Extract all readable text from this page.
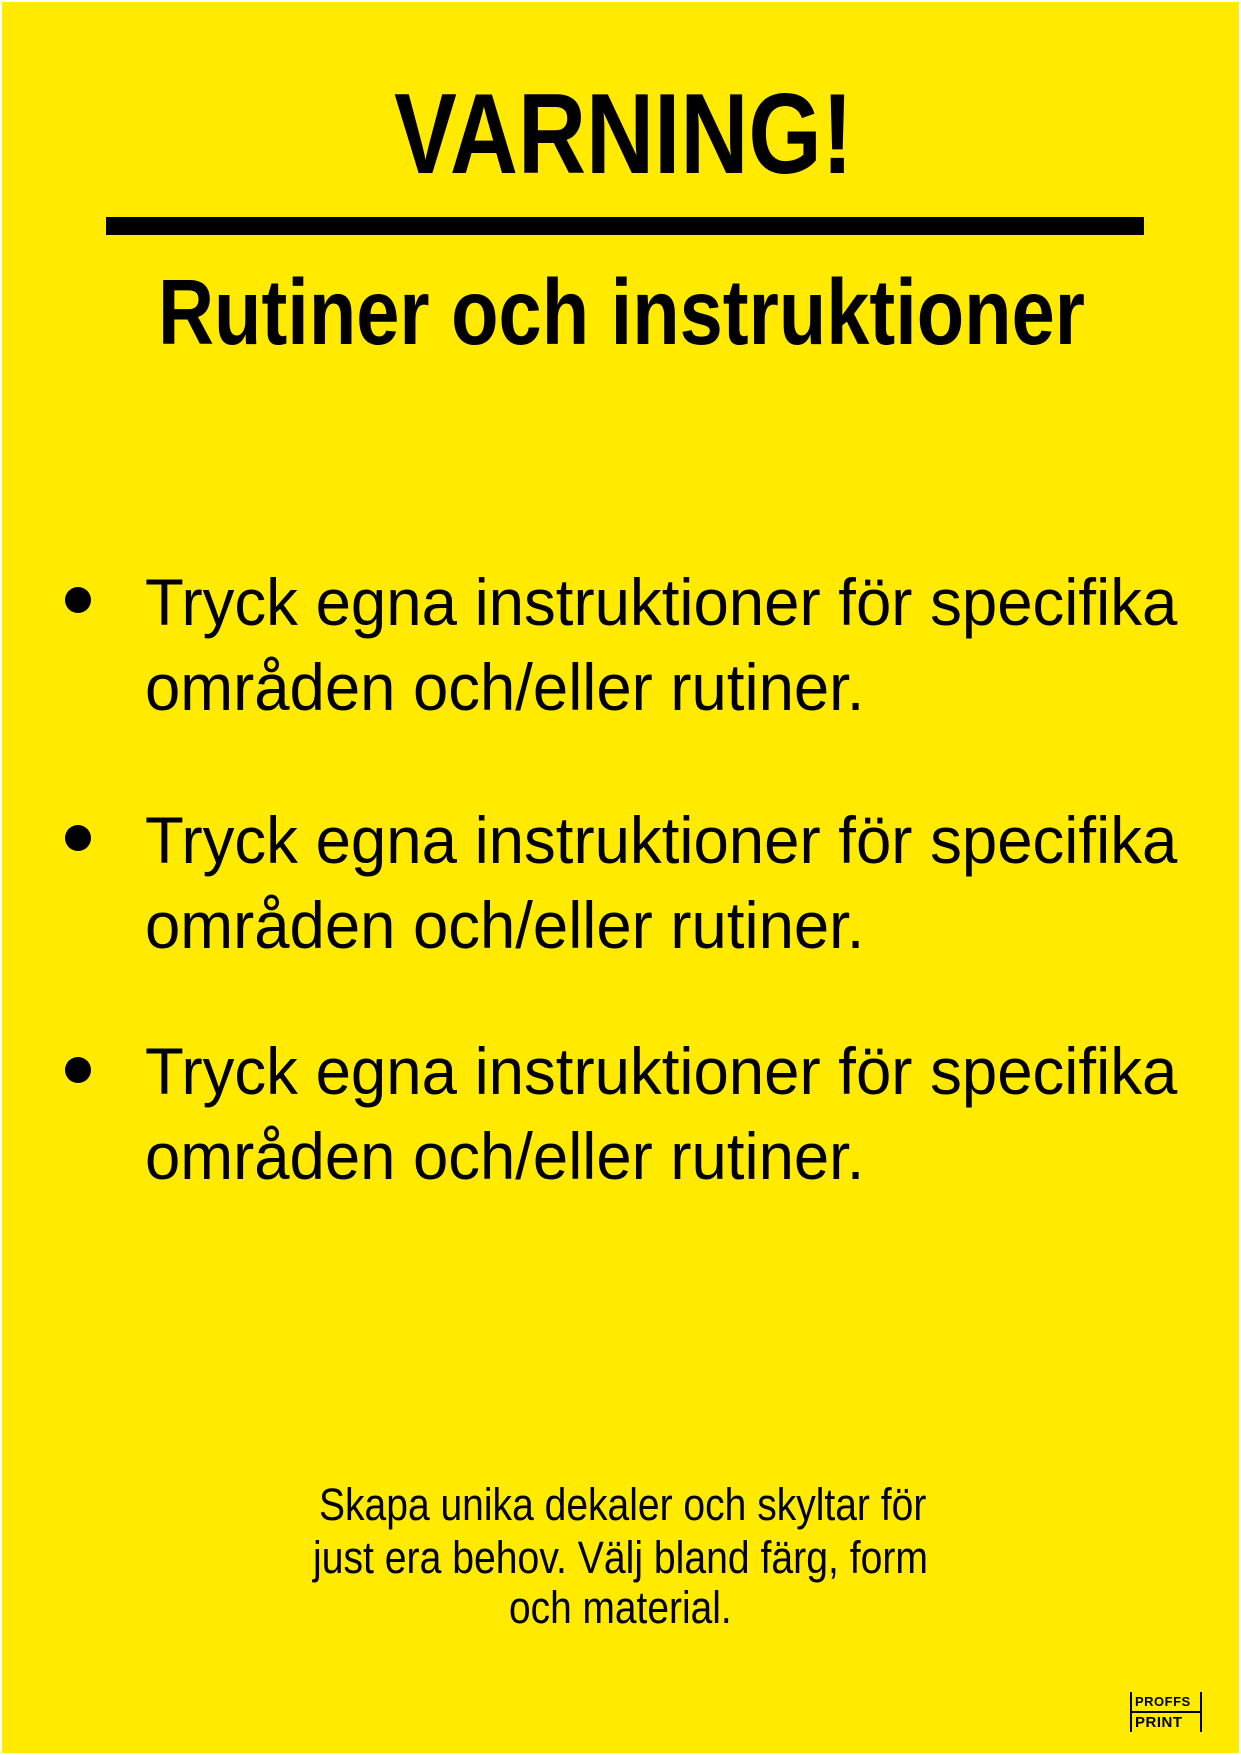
VARNING!
Rutiner och instruktioner
Tryck egna instruktioner för specifika
områden och/eller rutiner.
Tryck egna instruktioner för specifika
områden och/eller rutiner.
Tryck egna instruktioner för specifika
områden och/eller rutiner.
Skapa unika dekaler och skyltar för
just era behov. Välj bland färg, form
och material.
PROFFS
PRINT
